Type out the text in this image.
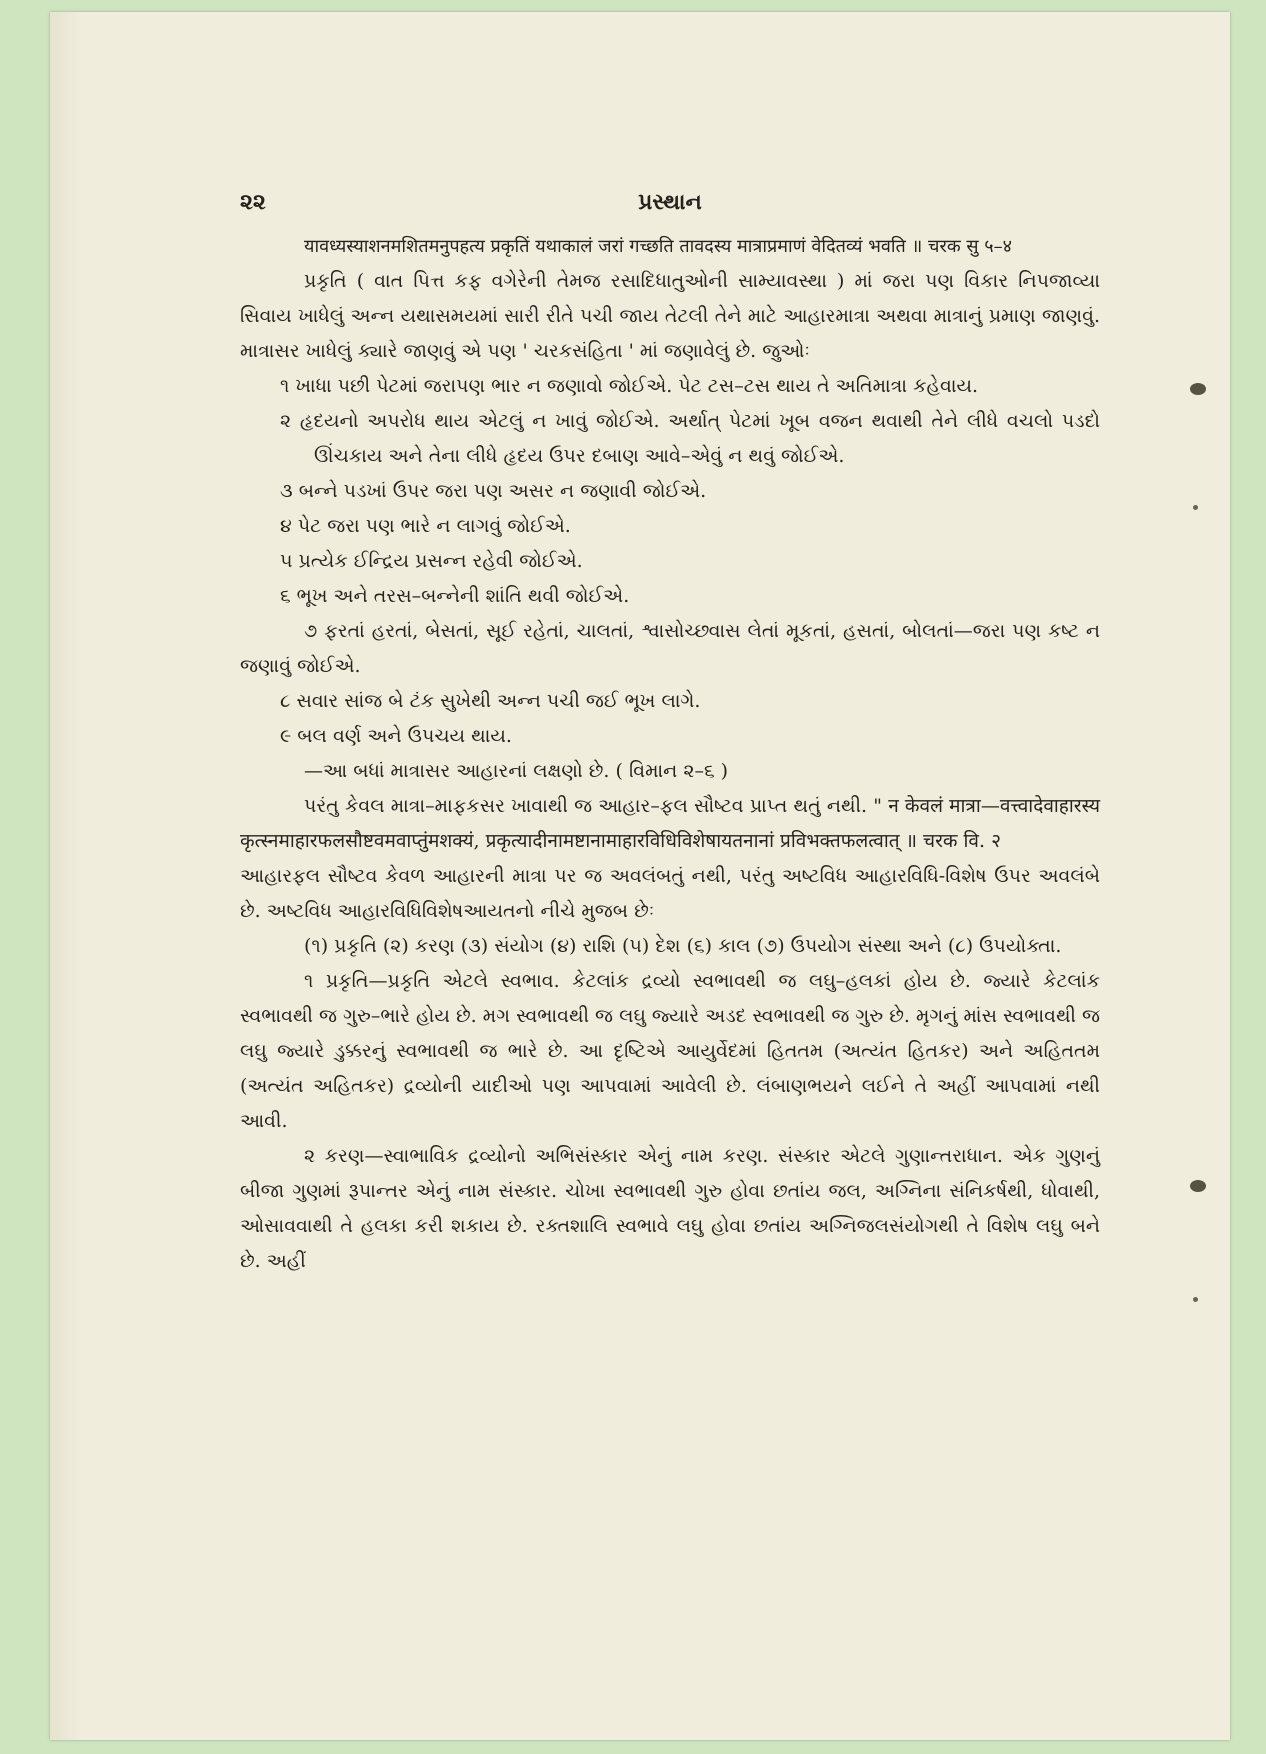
૨૨	પ્રસ્થાન

यावध्यस्याशनमशितमनुपहत्य प्रकृतिं यथाकालं जरां गच्छति तावदस्य मात्राप्रमाणं वेदितव्यं भवति ॥ चरक सु ५–४

પ્રકૃતિ ( વાત પિત્ત કફ વગેરેની તેમજ રસાદિધાતુઓની સામ્યાવસ્થા ) માં જરા પણ વિકાર નિપજાવ્યા સિવાય ખાધેલું અન્ન યથાસમયમાં સારી રીતે પચી જાય તેટલી તેને માટે આહારમાત્રા અથવા માત્રાનું પ્રમાણ જાણવું. માત્રાસર ખાધેલું ક્યારે જાણવું એ પણ ' ચરકસંહિતા ' માં જણાવેલું છે. જુઓઃ

૧ ખાધા પછી પેટમાં જરાપણ ભાર ન જણાવો જોઈએ. પેટ ટસ–ટસ થાય તે અતિમાત્રા કહેવાય.

૨ હૃદયનો અપરોધ થાય એટલું ન ખાવું જોઈએ. અર્થાત્ પેટમાં ખૂબ વજન થવાથી તેને લીધે વચલો પડદો ઊંચકાય અને તેના લીધે હૃદય ઉપર દબાણ આવે–એવું ન થવું જોઈએ.

૩ બન્ને પડખાં ઉપર જરા પણ અસર ન જણાવી જોઈએ.

૪ પેટ જરા પણ ભારે ન લાગવું જોઈએ.

૫ પ્રત્યેક ઈન્દ્રિય પ્રસન્ન રહેવી જોઈએ.

૬ ભૂખ અને તરસ–બન્નેની શાંતિ થવી જોઈએ.

૭ ફરતાં હરતાં, બેસતાં, સૂઈ રહેતાં, ચાલતાં, શ્વાસોચ્છ્વાસ લેતાં મૂકતાં, હસતાં, બોલતાં—જરા પણ કષ્ટ ન જણાવું જોઈએ.

૮ સવાર સાંજ બે ટંક સુખેથી અન્ન પચી જઈ ભૂખ લાગે.

૯ બલ વર્ણ અને ઉપચય થાય.

—આ બધાં માત્રાસર આહારનાં લક્ષણો છે. ( વિમાન ૨–૬ )

પરંતુ કેવલ માત્રા–માફકસર ખાવાથી જ આહાર–ફલ સૌષ્ટવ પ્રાપ્ત થતું નથી. " न केवलं मात्रा—वत्त्वादेवाहारस्य कृत्स्नमाहारफलसौष्टवमवाप्तुंमशक्यं, प्रकृत्यादीनामष्टानामाहारविधिविशेषायतनानां प्रविभक्तफलत्वात् ॥ चरक वि. २

આહારફલ સૌષ્ટવ કેવળ આહારની માત્રા પર જ અવલંબતું નથી, પરંતુ અષ્ટવિધ આહારવિધિ-વિશેષ ઉપર અવલંબે છે. અષ્ટવિધ આહારવિધિવિશેષઆયતનો નીચે મુજબ છેઃ

(૧) પ્રકૃતિ (૨) કરણ (૩) સંયોગ (૪) રાશિ (૫) દેશ (૬) કાલ (૭) ઉપયોગ સંસ્થા અને (૮) ઉપયોક્તા.

૧ પ્રકૃતિ—પ્રકૃતિ એટલે સ્વભાવ. કેટલાંક દ્રવ્યો સ્વભાવથી જ લઘુ–હલકાં હોય છે. જ્યારે કેટલાંક સ્વભાવથી જ ગુરુ–ભારે હોય છે. મગ સ્વભાવથી જ લઘુ જ્યારે અડદ સ્વભાવથી જ ગુરુ છે. મૃગનું માંસ સ્વભાવથી જ લઘુ જ્યારે ડુક્કરનું સ્વભાવથી જ ભારે છે. આ દૃષ્ટિએ આયુર્વેદમાં હિતતમ (અત્યંત હિતકર) અને અહિતતમ (અત્યંત અહિતકર) દ્રવ્યોની યાદીઓ પણ આપવામાં આવેલી છે. લંબાણભયને લઈને તે અહીં આપવામાં નથી આવી.

૨ કરણ—સ્વાભાવિક દ્રવ્યોનો અભિસંસ્કાર એનું નામ કરણ. સંસ્કાર એટલે ગુણાન્તરાધાન. એક ગુણનું બીજા ગુણમાં રૂપાન્તર એનું નામ સંસ્કાર. ચોખા સ્વભાવથી ગુરુ હોવા છતાંય જલ, અગ્નિના સંનિકર્ષથી, ધોવાથી, ઓસાવવાથી તે હલકા કરી શકાય છે. રક્તશાલિ સ્વભાવે લઘુ હોવા છતાંય અગ્નિજલસંયોગથી તે વિશેષ લઘુ બને છે. અહીં
